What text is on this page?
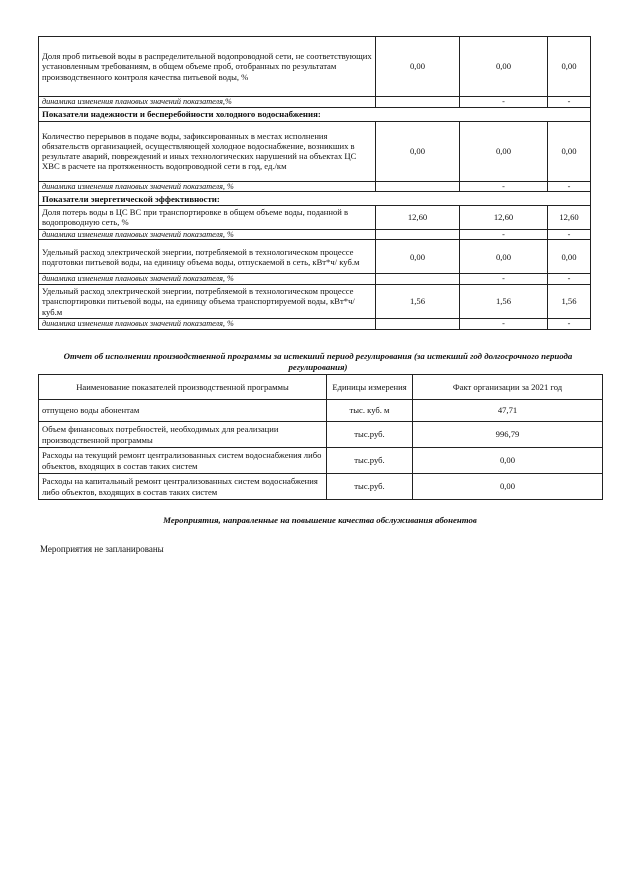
Доля проб питьевой воды в распределительной водопроводной сети, не соответствующих установленным требованиям, в общем объеме проб, отобранных по результатам производственного контроля качества питьевой воды, %	0,00	0,00	0,00
динамика изменения плановых значений показателя,%		-	-
Показатели надежности и бесперебойности холодного водоснабжения:			
Количество перерывов в подаче воды, зафиксированных в местах исполнения обязательств организацией, осуществляющей холодное водоснабжение, возникших в результате аварий, повреждений и иных технологических нарушений на объектах ЦС ХВС в расчете на протяженность водопроводной сети в год, ед./км	0,00	0,00	0,00
динамика изменения плановых значений показателя, %		-	-
Показатели энергетической эффективности:			
Доля потерь воды в ЦС ВС при транспортировке в общем объеме воды, поданной в водопроводную сеть, %	12,60	12,60	12,60
динамика изменения плановых значений показателя, %		-	-
Удельный расход электрической энергии, потребляемой в технологическом процессе подготовки питьевой воды, на единицу объема воды, отпускаемой в сеть, кВт*ч/ куб.м	0,00	0,00	0,00
динамика изменения плановых значений показателя, %		-	-
Удельный расход электрической энергии, потребляемой в технологическом процессе транспортировки питьевой воды, на единицу объема транспортируемой воды, кВт*ч/ куб.м	1,56	1,56	1,56
динамика изменения плановых значений показателя, %		-	-
Отчет об исполнении производственной программы за истекший период регулирования (за истекший год долгосрочного периода регулирования)
Наименование показателей производственной программы	Единицы измерения	Факт организации за 2021 год
отпущено воды абонентам	тыс. куб. м	47,71
Объем финансовых потребностей, необходимых для реализации производственной программы	тыс.руб.	996,79
Расходы на текущий ремонт централизованных систем водоснабжения либо объектов, входящих в состав таких систем	тыс.руб.	0,00
Расходы на капитальный ремонт централизованных систем водоснабжения либо объектов, входящих в состав таких систем	тыс.руб.	0,00
Мероприятия, направленные на повышение качества обслуживания абонентов
Мероприятия не запланированы
